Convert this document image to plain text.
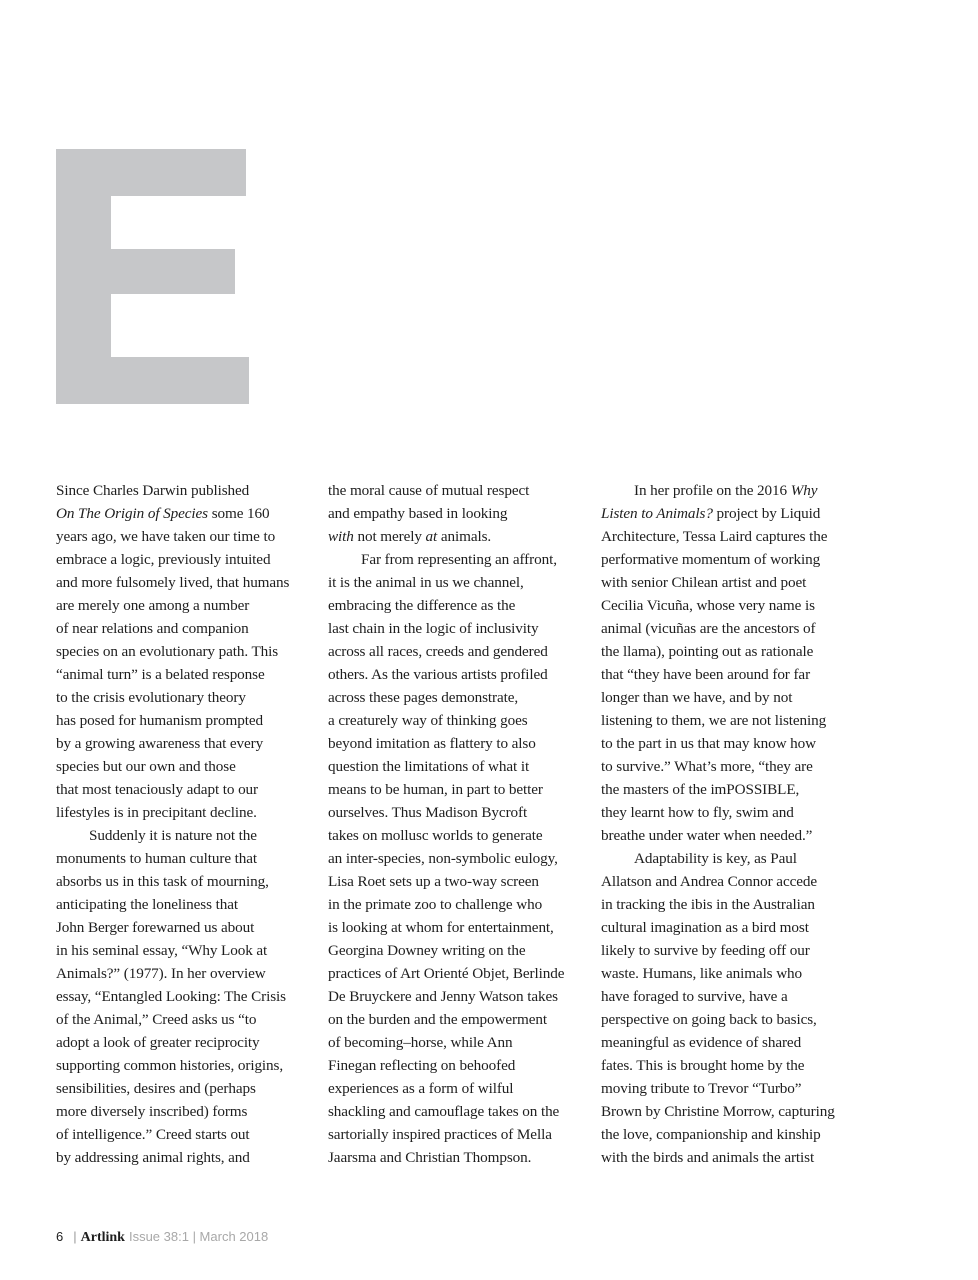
Since Charles Darwin published
On The Origin of Species some 160
years ago, we have taken our time to
embrace a logic, previously intuited
and more fulsomely lived, that humans
are merely one among a number
of near relations and companion
species on an evolutionary path. This
“animal turn” is a belated response
to the crisis evolutionary theory
has posed for humanism prompted
by a growing awareness that every
species but our own and those
that most tenaciously adapt to our
lifestyles is in precipitant decline.
Suddenly it is nature not the
monuments to human culture that
absorbs us in this task of mourning,
anticipating the loneliness that
John Berger forewarned us about
in his seminal essay, “Why Look at
Animals?” (1977). In her overview
essay, “Entangled Looking: The Crisis
of the Animal,” Creed asks us “to
adopt a look of greater reciprocity
supporting common histories, origins,
sensibilities, desires and (perhaps
more diversely inscribed) forms
of intelligence.” Creed starts out
by addressing animal rights, and
the moral cause of mutual respect
and empathy based in looking
with not merely at animals.
Far from representing an affront,
it is the animal in us we channel,
embracing the difference as the
last chain in the logic of inclusivity
across all races, creeds and gendered
others. As the various artists profiled
across these pages demonstrate,
a creaturely way of thinking goes
beyond imitation as flattery to also
question the limitations of what it
means to be human, in part to better
ourselves. Thus Madison Bycroft
takes on mollusc worlds to generate
an inter-species, non-symbolic eulogy,
Lisa Roet sets up a two-way screen
in the primate zoo to challenge who
is looking at whom for entertainment,
Georgina Downey writing on the
practices of Art Orienté Objet, Berlinde
De Bruyckere and Jenny Watson takes
on the burden and the empowerment
of becoming–horse, while Ann
Finegan reflecting on behoofed
experiences as a form of wilful
shackling and camouflage takes on the
sartorially inspired practices of Mella
Jaarsma and Christian Thompson.
In her profile on the 2016 Why
Listen to Animals? project by Liquid
Architecture, Tessa Laird captures the
performative momentum of working
with senior Chilean artist and poet
Cecilia Vicuña, whose very name is
animal (vicuñas are the ancestors of
the llama), pointing out as rationale
that “they have been around for far
longer than we have, and by not
listening to them, we are not listening
to the part in us that may know how
to survive.” What’s more, “they are
the masters of the imPOSSIBLE,
they learnt how to fly, swim and
breathe under water when needed.”
Adaptability is key, as Paul
Allatson and Andrea Connor accede
in tracking the ibis in the Australian
cultural imagination as a bird most
likely to survive by feeding off our
waste. Humans, like animals who
have foraged to survive, have a
perspective on going back to basics,
meaningful as evidence of shared
fates. This is brought home by the
moving tribute to Trevor “Turbo”
Brown by Christine Morrow, capturing
the love, companionship and kinship
with the birds and animals the artist
6 | Artlink Issue 38:1 | March 2018
